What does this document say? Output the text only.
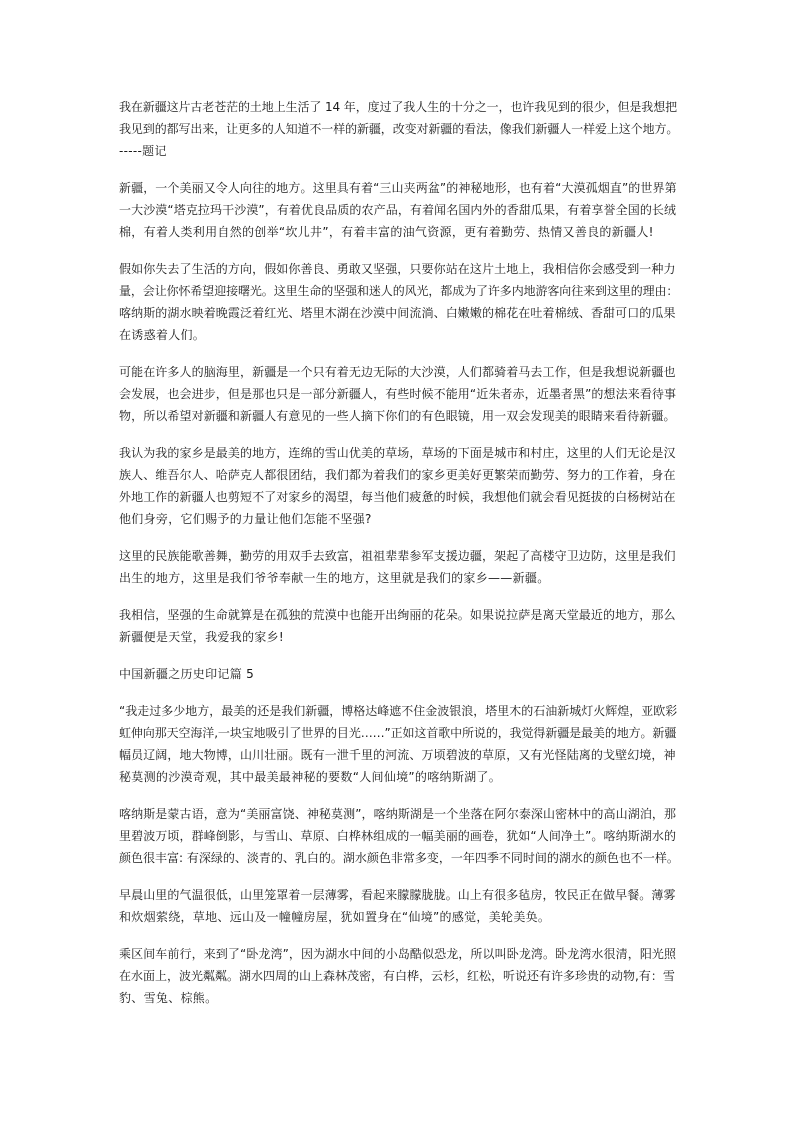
我在新疆这片古老苍茫的土地上生活了 14 年，度过了我人生的十分之一，也许我见到的很少，但是我想把
我见到的都写出来，让更多的人知道不一样的新疆，改变对新疆的看法，像我们新疆人一样爱上这个地方。
-----题记
新疆，一个美丽又令人向往的地方。这里具有着“三山夹两盆”的神秘地形，也有着“大漠孤烟直”的世界第
一大沙漠“塔克拉玛干沙漠”，有着优良品质的农产品，有着闻名国内外的香甜瓜果，有着享誉全国的长绒
棉，有着人类利用自然的创举“坎儿井”，有着丰富的油气资源，更有着勤劳、热情又善良的新疆人!
假如你失去了生活的方向，假如你善良、勇敢又坚强，只要你站在这片土地上，我相信你会感受到一种力
量，会让你怀希望迎接曙光。这里生命的坚强和迷人的风光，都成为了许多内地游客向往来到这里的理由：
喀纳斯的湖水映着晚霞泛着红光、塔里木湖在沙漠中间流淌、白嫩嫩的棉花在吐着棉绒、香甜可口的瓜果
在诱惑着人们。
可能在许多人的脑海里，新疆是一个只有着无边无际的大沙漠，人们都骑着马去工作，但是我想说新疆也
会发展，也会进步，但是那也只是一部分新疆人，有些时候不能用“近朱者赤，近墨者黑”的想法来看待事
物，所以希望对新疆和新疆人有意见的一些人摘下你们的有色眼镜，用一双会发现美的眼睛来看待新疆。
我认为我的家乡是最美的地方，连绵的雪山优美的草场，草场的下面是城市和村庄，这里的人们无论是汉
族人、维吾尔人、哈萨克人都很团结，我们都为着我们的家乡更美好更繁荣而勤劳、努力的工作着，身在
外地工作的新疆人也剪短不了对家乡的渴望，每当他们疲惫的时候，我想他们就会看见挺拔的白杨树站在
他们身旁，它们赐予的力量让他们怎能不坚强?
这里的民族能歌善舞，勤劳的用双手去致富，祖祖辈辈参军支援边疆，架起了高楼守卫边防，这里是我们
出生的地方，这里是我们爷爷奉献一生的地方，这里就是我们的家乡——新疆。
我相信，坚强的生命就算是在孤独的荒漠中也能开出绚丽的花朵。如果说拉萨是离天堂最近的地方，那么
新疆便是天堂，我爱我的家乡!
中国新疆之历史印记篇 5
“我走过多少地方，最美的还是我们新疆，博格达峰遮不住金波银浪，塔里木的石油新城灯火辉煌，亚欧彩
虹伸向那天空海洋,一块宝地吸引了世界的目光……”正如这首歌中所说的，我觉得新疆是最美的地方。新疆
幅员辽阔，地大物博，山川壮丽。既有一泄千里的河流、万顷碧波的草原，又有光怪陆离的戈壁幻境，神
秘莫测的沙漠奇观，其中最美最神秘的要数“人间仙境”的喀纳斯湖了。
喀纳斯是蒙古语，意为“美丽富饶、神秘莫测”，喀纳斯湖是一个坐落在阿尔泰深山密林中的高山湖泊，那
里碧波万顷，群峰倒影，与雪山、草原、白桦林组成的一幅美丽的画卷，犹如“人间净土”。喀纳斯湖水的
颜色很丰富: 有深绿的、淡青的、乳白的。湖水颜色非常多变，一年四季不同时间的湖水的颜色也不一样。
早晨山里的气温很低，山里笼罩着一层薄雾，看起来朦朦胧胧。山上有很多毡房，牧民正在做早餐。薄雾
和炊烟萦绕，草地、远山及一幢幢房屋，犹如置身在“仙境”的感觉，美轮美奂。
乘区间车前行，来到了“卧龙湾”，因为湖水中间的小岛酷似恐龙，所以叫卧龙湾。卧龙湾水很清，阳光照
在水面上，波光粼粼。湖水四周的山上森林茂密，有白桦，云杉，红松，听说还有许多珍贵的动物,有：雪
豹、雪兔、棕熊。
